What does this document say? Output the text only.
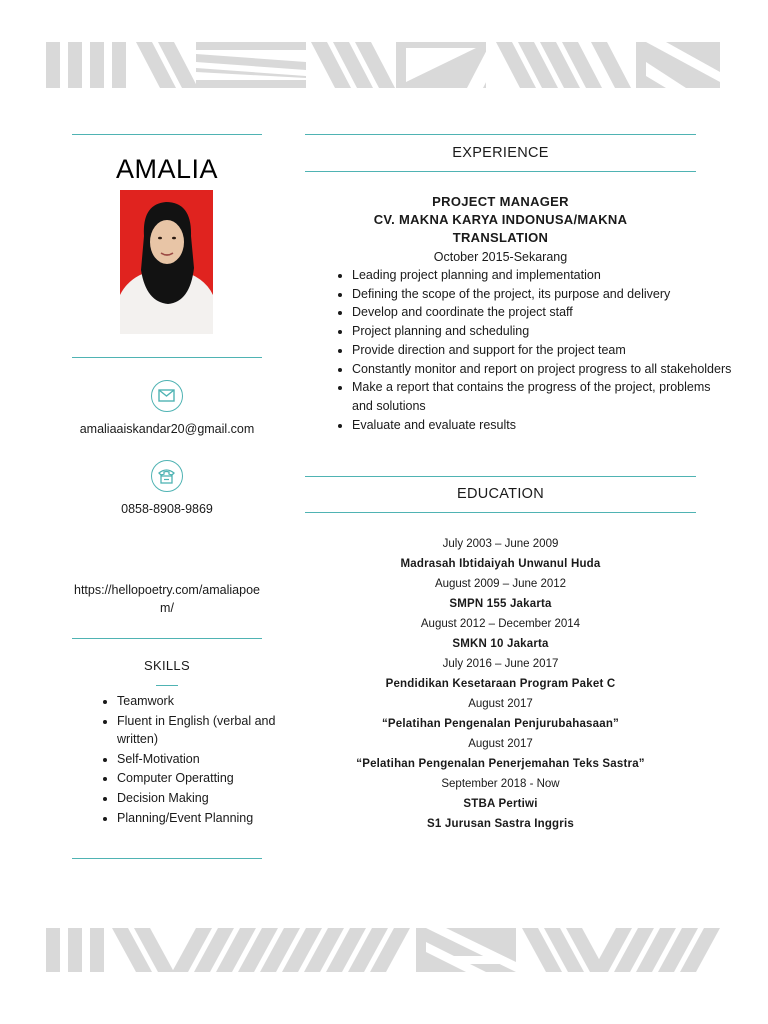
AMALIA
amaliaaiskandar20@gmail.com
0858-8908-9869
https://hellopoetry.com/amaliapoem/
SKILLS
• Teamwork
• Fluent in English (verbal and written)
• Self-Motivation
• Computer Operatting
• Decision Making
• Planning/Event Planning
EXPERIENCE
PROJECT MANAGER
CV. MAKNA KARYA INDONUSA/MAKNA
TRANSLATION
October 2015-Sekarang
• Leading project planning and implementation
• Defining the scope of the project, its purpose and delivery
• Develop and coordinate the project staff
• Project planning and scheduling
• Provide direction and support for the project team
• Constantly monitor and report on project progress to all stakeholders
• Make a report that contains the progress of the project, problems and solutions
• Evaluate and evaluate results
EDUCATION
July 2003 – June 2009
Madrasah Ibtidaiyah Unwanul Huda
August 2009 – June 2012
SMPN 155 Jakarta
August 2012 – December 2014
SMKN 10 Jakarta
July 2016 – June 2017
Pendidikan Kesetaraan Program Paket C
August 2017
“Pelatihan Pengenalan Penjurubahasaan”
August 2017
“Pelatihan Pengenalan Penerjemahan Teks Sastra”
September 2018 - Now
STBA Pertiwi
S1 Jurusan Sastra Inggris
